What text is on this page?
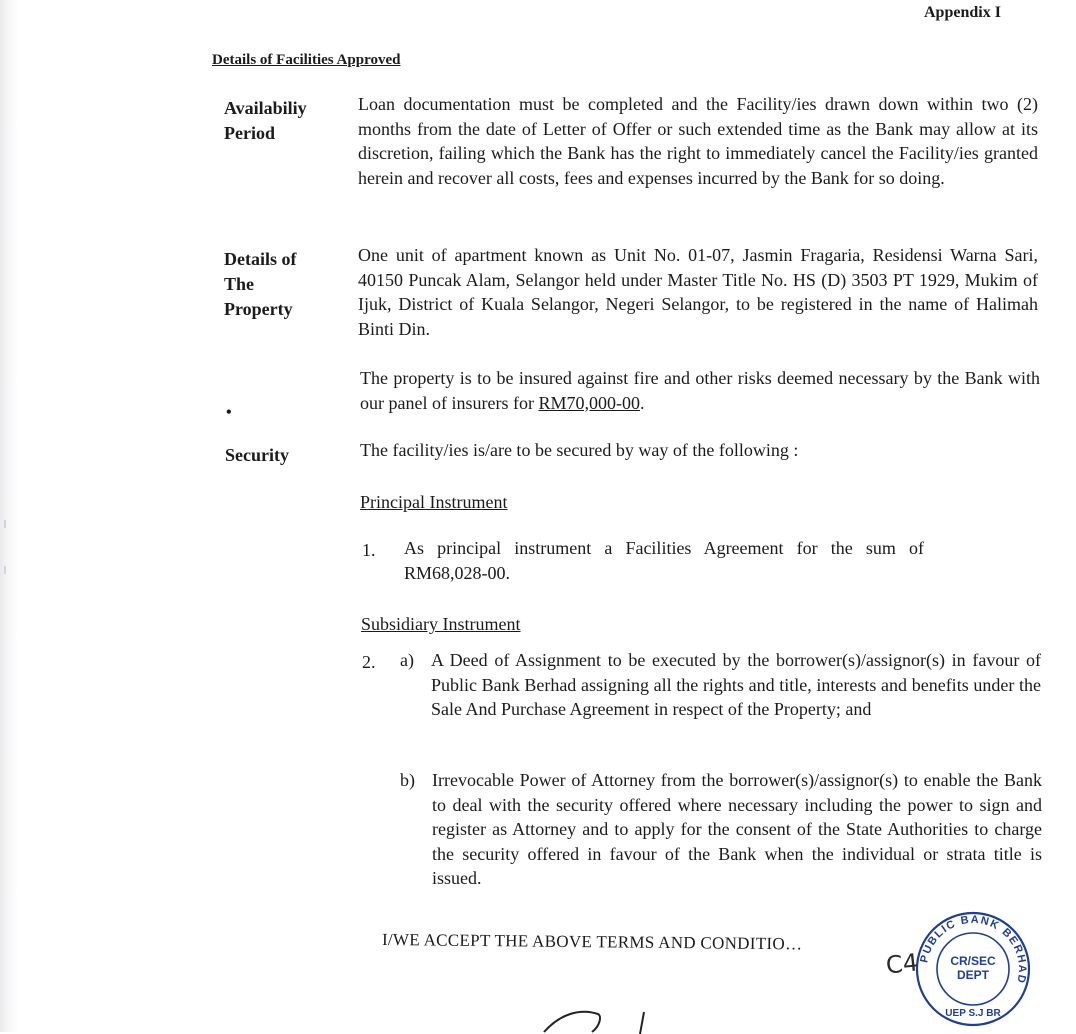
Appendix I
Details of Facilities Approved
Availabiliy
Period
Loan documentation must be completed and the Facility/ies drawn down within two (2) months from the date of Letter of Offer or such extended time as the Bank may allow at its discretion, failing which the Bank has the right to immediately cancel the Facility/ies granted herein and recover all costs, fees and expenses incurred by the Bank for so doing.
Details of
The
Property
One unit of apartment known as Unit No. 01-07, Jasmin Fragaria, Residensi Warna Sari, 40150 Puncak Alam, Selangor held under Master Title No. HS (D) 3503 PT 1929, Mukim of Ijuk, District of Kuala Selangor, Negeri Selangor, to be registered in the name of Halimah Binti Din.
The property is to be insured against fire and other risks deemed necessary by the Bank with our panel of insurers for RM70,000-00.
•
Security	The facility/ies is/are to be secured by way of the following :
Principal Instrument
1. As principal instrument a Facilities Agreement for the sum of RM68,028-00.
Subsidiary Instrument
2. a) A Deed of Assignment to be executed by the borrower(s)/assignor(s) in favour of Public Bank Berhad assigning all the rights and title, interests and benefits under the Sale And Purchase Agreement in respect of the Property; and
b) Irrevocable Power of Attorney from the borrower(s)/assignor(s) to enable the Bank to deal with the security offered where necessary including the power to sign and register as Attorney and to apply for the consent of the State Authorities to charge the security offered in favour of the Bank when the individual or strata title is issued.
I/WE ACCEPT THE ABOVE TERMS AND CONDITIO…
C4
PUBLIC BANK BERHAD
CR/SEC
DEPT
UEP S.J BR
